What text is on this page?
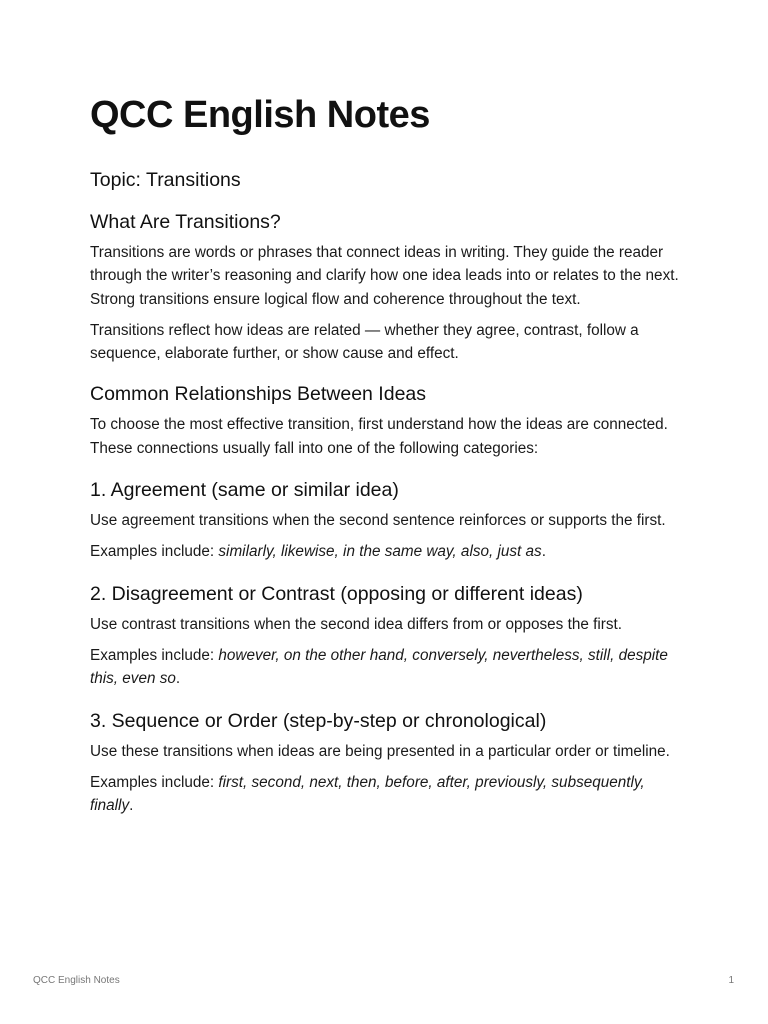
QCC English Notes
Topic: Transitions
What Are Transitions?

Transitions are words or phrases that connect ideas in writing. They guide the reader through the writer’s reasoning and clarify how one idea leads into or relates to the next. Strong transitions ensure logical flow and coherence throughout the text.

Transitions reflect how ideas are related — whether they agree, contrast, follow a sequence, elaborate further, or show cause and effect.

Common Relationships Between Ideas

To choose the most effective transition, first understand how the ideas are connected. These connections usually fall into one of the following categories:

1. Agreement (same or similar idea)

Use agreement transitions when the second sentence reinforces or supports the first.

Examples include: similarly, likewise, in the same way, also, just as.

2. Disagreement or Contrast (opposing or different ideas)

Use contrast transitions when the second idea differs from or opposes the first.

Examples include: however, on the other hand, conversely, nevertheless, still, despite this, even so.

3. Sequence or Order (step-by-step or chronological)

Use these transitions when ideas are being presented in a particular order or timeline.

Examples include: first, second, next, then, before, after, previously, subsequently, finally.

QCC English Notes	1
